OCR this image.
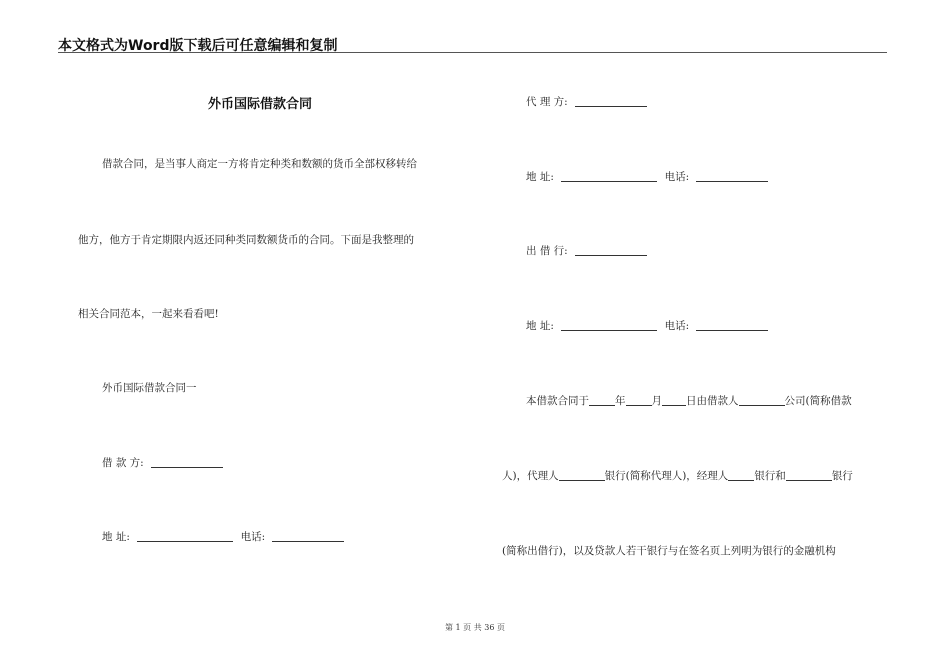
本文格式为Word版下载后可任意编辑和复制
外币国际借款合同
借款合同，是当事人商定一方将肯定种类和数额的货币全部权移转给
他方，他方于肯定期限内返还同种类同数额货币的合同。下面是我整理的
相关合同范本，一起来看看吧!
外币国际借款合同一
借 款 方:
地 址:	电话:
代 理 方:
地 址:	电话:
出 借 行:
地 址:	电话:
本借款合同于 年 月 日由借款人	公司(简称借款
人)，代理人	银行(简称代理人)，经理人 银行和	银行
(简称出借行)，以及贷款人若干银行与在签名页上列明为银行的金融机构
第 1 页 共 36 页
